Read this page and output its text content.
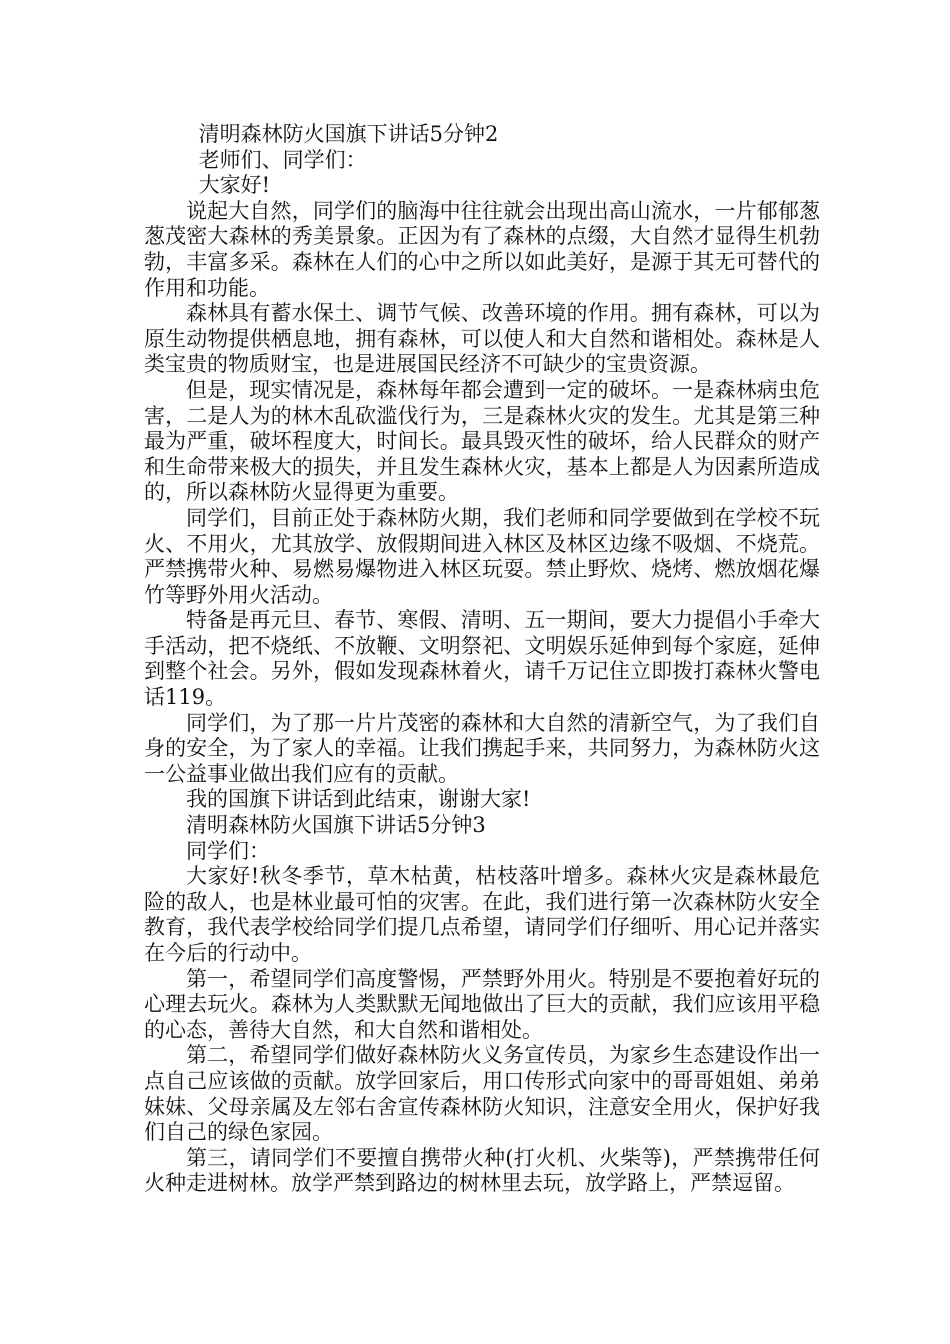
清明森林防火国旗下讲话5分钟2

老师们、同学们：

大家好!

说起大自然，同学们的脑海中往往就会出现出高山流水，一片郁郁葱葱茂密大森林的秀美景象。正因为有了森林的点缀，大自然才显得生机勃勃，丰富多采。森林在人们的心中之所以如此美好，是源于其无可替代的作用和功能。

森林具有蓄水保土、调节气候、改善环境的作用。拥有森林，可以为原生动物提供栖息地，拥有森林，可以使人和大自然和谐相处。森林是人类宝贵的物质财宝，也是进展国民经济不可缺少的宝贵资源。

但是，现实情况是，森林每年都会遭到一定的破坏。一是森林病虫危害，二是人为的林木乱砍滥伐行为，三是森林火灾的发生。尤其是第三种最为严重，破坏程度大，时间长。最具毁灭性的破坏，给人民群众的财产和生命带来极大的损失，并且发生森林火灾，基本上都是人为因素所造成的，所以森林防火显得更为重要。

同学们，目前正处于森林防火期，我们老师和同学要做到在学校不玩火、不用火，尤其放学、放假期间进入林区及林区边缘不吸烟、不烧荒。严禁携带火种、易燃易爆物进入林区玩耍。禁止野炊、烧烤、燃放烟花爆竹等野外用火活动。

特备是再元旦、春节、寒假、清明、五一期间，要大力提倡小手牵大手活动，把不烧纸、不放鞭、文明祭祀、文明娱乐延伸到每个家庭，延伸到整个社会。另外，假如发现森林着火，请千万记住立即拨打森林火警电话119。

同学们，为了那一片片茂密的森林和大自然的清新空气，为了我们自身的安全，为了家人的幸福。让我们携起手来，共同努力，为森林防火这一公益事业做出我们应有的贡献。

我的国旗下讲话到此结束，谢谢大家!

清明森林防火国旗下讲话5分钟3

同学们：

大家好!秋冬季节，草木枯黄，枯枝落叶增多。森林火灾是森林最危险的敌人，也是林业最可怕的灾害。在此，我们进行第一次森林防火安全教育，我代表学校给同学们提几点希望，请同学们仔细听、用心记并落实在今后的行动中。

第一，希望同学们高度警惕，严禁野外用火。特别是不要抱着好玩的心理去玩火。森林为人类默默无闻地做出了巨大的贡献，我们应该用平稳的心态，善待大自然，和大自然和谐相处。

第二，希望同学们做好森林防火义务宣传员，为家乡生态建设作出一点自己应该做的贡献。放学回家后，用口传形式向家中的哥哥姐姐、弟弟妹妹、父母亲属及左邻右舍宣传森林防火知识，注意安全用火，保护好我们自己的绿色家园。

第三，请同学们不要擅自携带火种(打火机、火柴等)，严禁携带任何火种走进树林。放学严禁到路边的树林里去玩，放学路上，严禁逗留。
